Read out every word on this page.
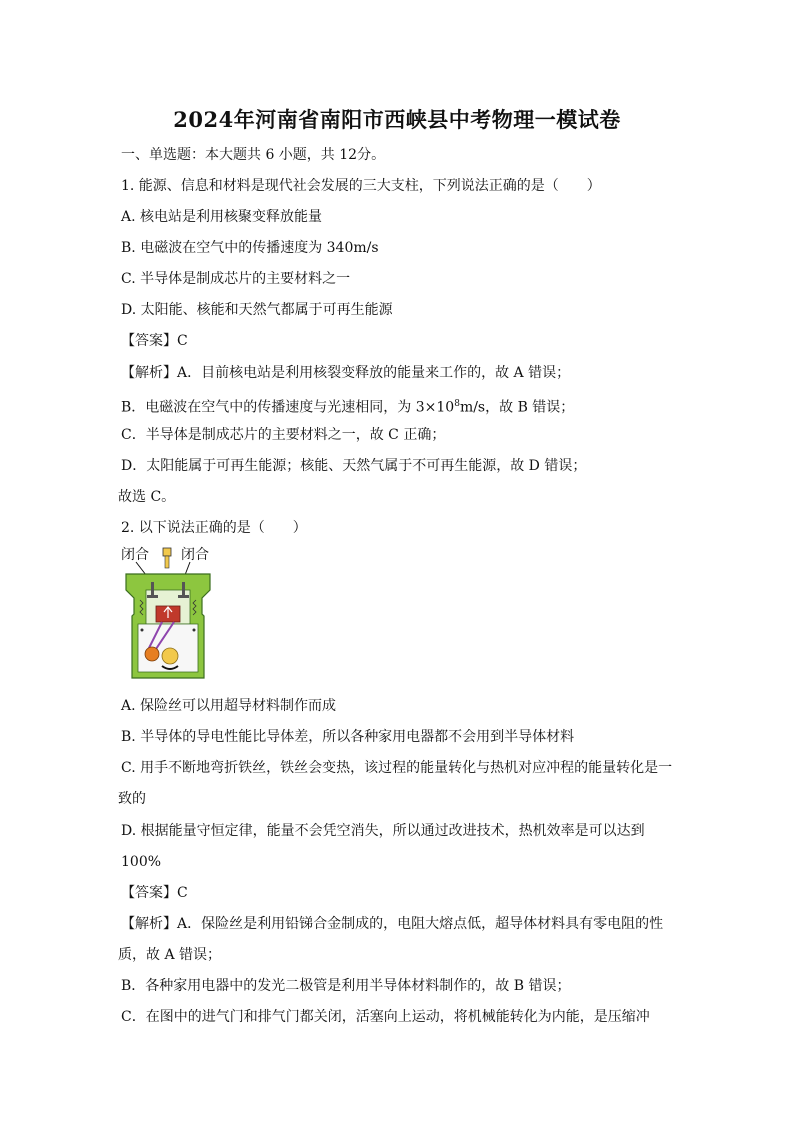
2024年河南省南阳市西峡县中考物理一模试卷
一、单选题：本大题共 6 小题，共 12分。
1. 能源、信息和材料是现代社会发展的三大支柱，下列说法正确的是（　　）
A. 核电站是利用核聚变释放能量
B. 电磁波在空气中的传播速度为 340m/s
C. 半导体是制成芯片的主要材料之一
D. 太阳能、核能和天然气都属于可再生能源
【答案】C
【解析】A．目前核电站是利用核裂变释放的能量来工作的，故 A 错误；
B．电磁波在空气中的传播速度与光速相同，为 $3\times 10^8m/s$，故 B 错误；
C．半导体是制成芯片的主要材料之一，故 C 正确；
D．太阳能属于可再生能源；核能、天然气属于不可再生能源，故 D 错误；
故选 C。
2. 以下说法正确的是（　　）
闭合 闭合
A. 保险丝可以用超导材料制作而成
B. 半导体的导电性能比导体差，所以各种家用电器都不会用到半导体材料
C. 用手不断地弯折铁丝，铁丝会变热，该过程的能量转化与热机对应冲程的能量转化是一
致的
D. 根据能量守恒定律，能量不会凭空消失，所以通过改进技术，热机效率是可以达到
100%
【答案】C
【解析】A．保险丝是利用铅锑合金制成的，电阻大熔点低，超导体材料具有零电阻的性
质，故 A 错误；
B．各种家用电器中的发光二极管是利用半导体材料制作的，故 B 错误；
C．在图中的进气门和排气门都关闭，活塞向上运动，将机械能转化为内能，是压缩冲
